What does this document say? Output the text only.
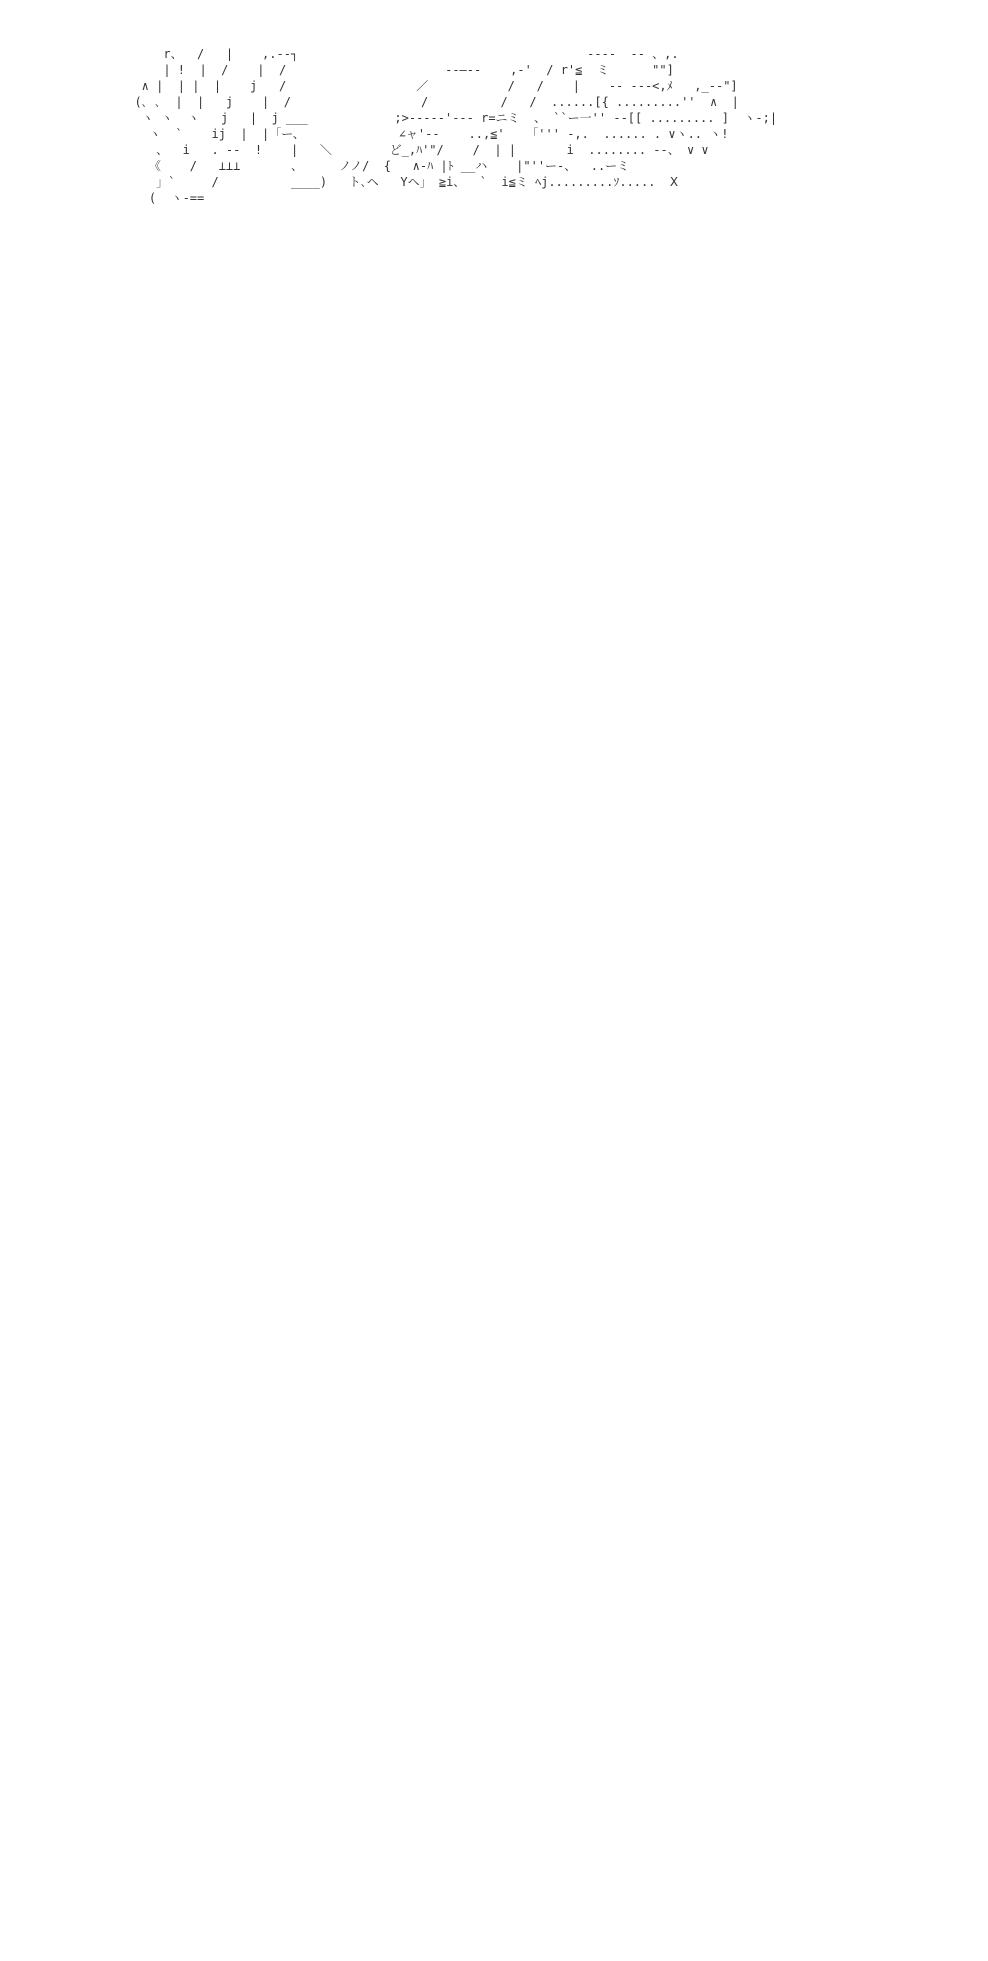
r、  /   |    ,.-‐┐                                        -‐‐‐  ‐‐ 、,.
| !  |  /    |  /                      ‐‐―‐‐    ,‐'  / r'≦  ミ      ""]
∧ |  | |  |    j   /                  ／           /   /    |    -- --‐<,ﾒ   ,_-‐"]
(､ ､  |  |   j    |  /                  /          /   /  ......[{ .........''  ∧  |
ヽ ヽ  ヽ   j   |  j ___            ;>-‐‐‐‐'‐‐‐ r=ニミ  、 ``ー一'' ‐‐[[ ......... ]  ヽ‐;|
ヽ  `    ij  |  |「ー、             ∠ャ'‐‐    ..,≦'   「''' ‐,.  ...... . ∨ヽ.. ヽ!
、  i   . -‐  !    |   ＼        ど_,ﾊ'"/    /  | |       i  ........ -‐、 ∨ ∨
《    /   ⊥⊥⊥       、     ノノ/  {   ∧-ﾊ |ﾄ __ハ    |"''ー‐、  ..ーミ
」`     /          ____)   ト､ヘ   Yヘ」 ≧i、  `  i≦ミ ﾍj.........ｿ.....  Ⅹ
(  ヽ‐==
